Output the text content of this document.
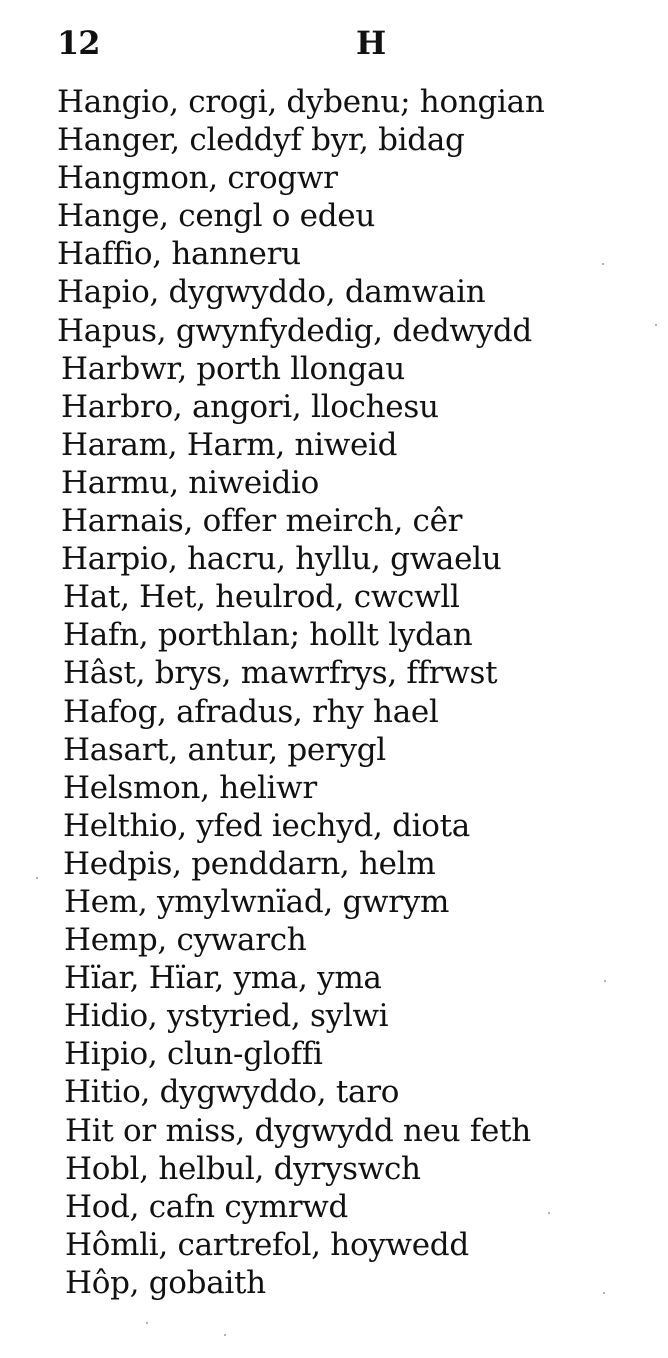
12	H
Hangio, crogi, dybenu; hongian
Hanger, cleddyf byr, bidag
Hangmon, crogwr
Hange, cengl o edeu
Haffio, hanneru
Hapio, dygwyddo, damwain
Hapus, gwynfydedig, dedwydd
Harbwr, porth llongau
Harbro, angori, llochesu
Haram, Harm, niweid
Harmu, niweidio
Harnais, offer meirch, cêr
Harpio, hacru, hyllu, gwaelu
Hat, Het, heulrod, cwcwll
Hafn, porthlan; hollt lydan
Hâst, brys, mawrfrys, ffrwst
Hafog, afradus, rhy hael
Hasart, antur, perygl
Helsmon, heliwr
Helthio, yfed iechyd, diota
Hedpis, penddarn, helm
Hem, ymylwnïad, gwrym
Hemp, cywarch
Hïar, Hïar, yma, yma
Hidio, ystyried, sylwi
Hipio, clun-gloffi
Hitio, dygwyddo, taro
Hit or miss, dygwydd neu feth
Hobl, helbul, dyryswch
Hod, cafn cymrwd
Hômli, cartrefol, hoywedd
Hôp, gobaith
